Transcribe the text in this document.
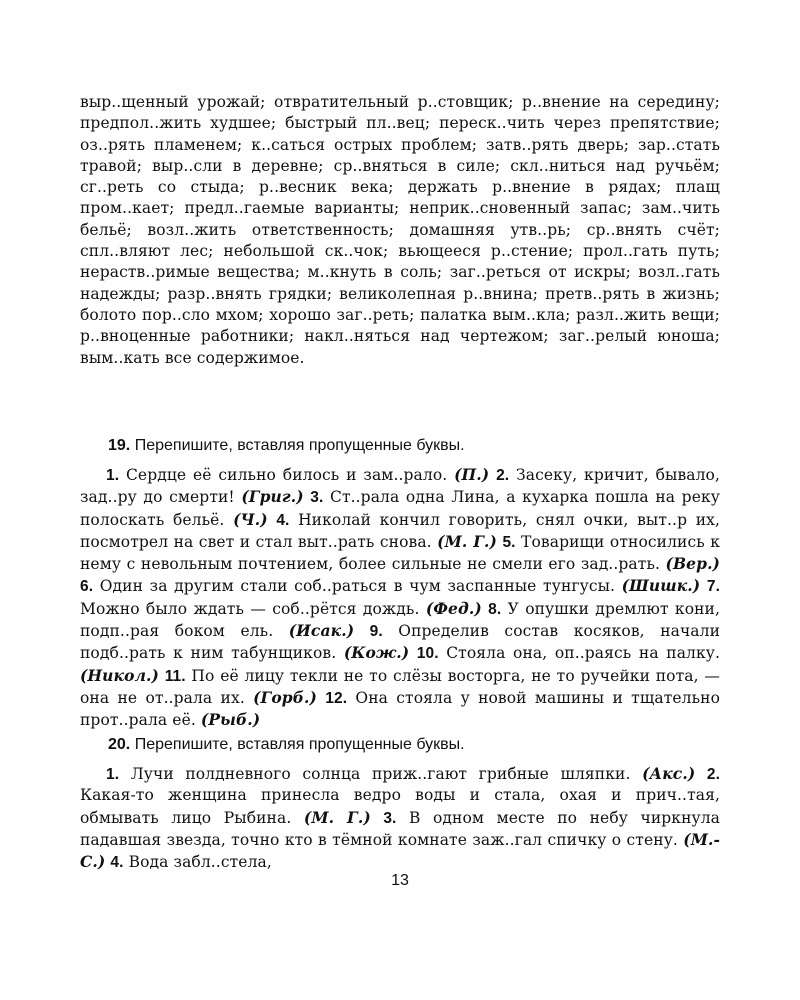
выр..щенный урожай; отвратительный р..стовщик; р..внение на середину; предпол..жить худшее; быстрый пл..вец; переск..чить через препятствие; оз..рять пламенем; к..саться острых проблем; затв..рять дверь; зар..стать травой; выр..сли в деревне; ср..вняться в силе; скл..ниться над ручьём; сг..реть со стыда; р..весник века; держать р..внение в рядах; плащ пром..кает; предл..гаемые варианты; неприк..сновенный запас; зам..чить бельё; возл..жить ответственность; домашняя утв..рь; ср..внять счёт; спл..вляют лес; небольшой ск..чок; вьющееся р..стение; прол..гать путь; нераств..римые вещества; м..кнуть в соль; заг..реться от искры; возл..гать надежды; разр..внять грядки; великолепная р..внина; претв..рять в жизнь; болото пор..сло мхом; хорошо заг..реть; палатка вым..кла; разл..жить вещи; р..вноценные работники; накл..няться над чертежом; заг..релый юноша; вым..кать все содержимое.

19. Перепишите, вставляя пропущенные буквы.

1. Сердце её сильно билось и зам..рало. (П.) 2. Засеку, кричит, бывало, зад..ру до смерти! (Григ.) 3. Ст..рала одна Лина, а кухарка пошла на реку полоскать бельё. (Ч.) 4. Николай кончил говорить, снял очки, выт..р их, посмотрел на свет и стал выт..рать снова. (М. Г.) 5. Товарищи относились к нему с невольным почтением, более сильные не смели его зад..рать. (Вер.) 6. Один за другим стали соб..раться в чум заспанные тунгусы. (Шишк.) 7. Можно было ждать — соб..рётся дождь. (Фед.) 8. У опушки дремлют кони, подп..рая боком ель. (Исак.) 9. Определив состав косяков, начали подб..рать к ним табунщиков. (Кож.) 10. Стояла она, оп..раясь на палку. (Никол.) 11. По её лицу текли не то слёзы восторга, не то ручейки пота, — она не от..рала их. (Горб.) 12. Она стояла у новой машины и тщательно прот..рала её. (Рыб.)

20. Перепишите, вставляя пропущенные буквы.

1. Лучи полдневного солнца приж..гают грибные шляпки. (Акс.) 2. Какая-то женщина принесла ведро воды и стала, охая и прич..тая, обмывать лицо Рыбина. (М. Г.) 3. В одном месте по небу чиркнула падавшая звезда, точно кто в тёмной комнате заж..гал спичку о стену. (М.-С.) 4. Вода забл..стела,

13
